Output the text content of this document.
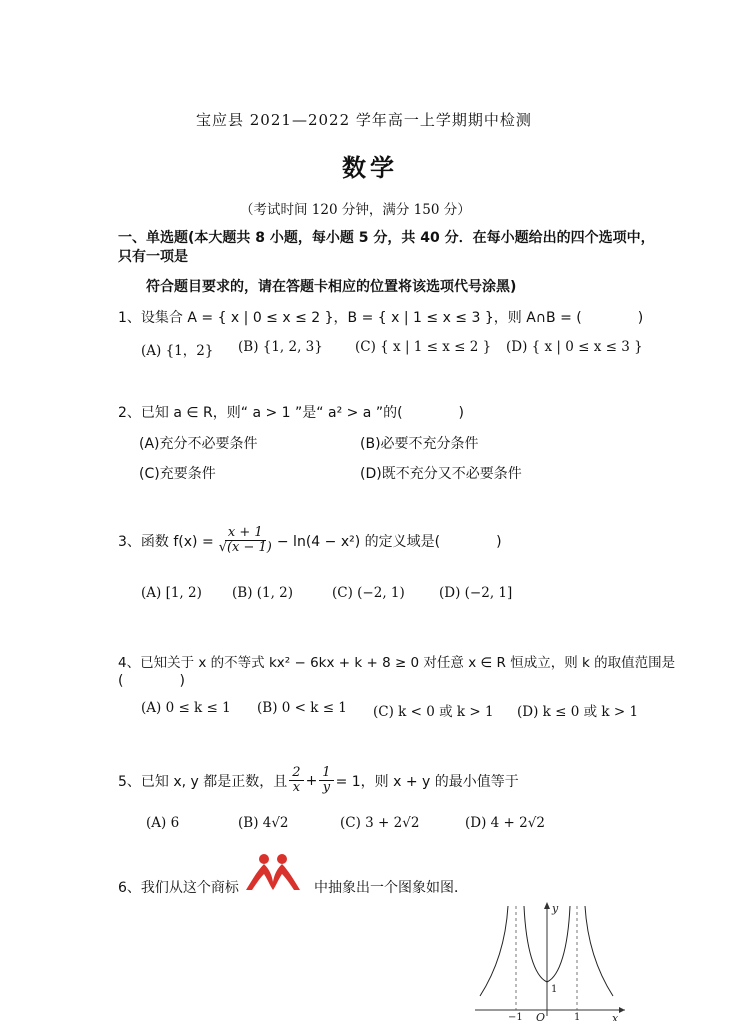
宝应县 2021—2022 学年高一上学期期中检测
数学
（考试时间 120 分钟，满分 150 分）
一、单选题(本大题共 8 小题，每小题 5 分，共 40 分．在每小题给出的四个选项中，
只有一项是
符合题目要求的，请在答题卡相应的位置将该选项代号涂黑)
1、设集合 A = { x | 0 ≤ x ≤ 2 }，B = { x | 1 ≤ x ≤ 3 }，则 A∩B = (　　　　)
(A) {1，2} (B) {1, 2, 3} (C) { x | 1 ≤ x ≤ 2 } (D) { x | 0 ≤ x ≤ 3 }
2、已知 a ∈ R，则“ a > 1 ”是“ a² > a ”的(　　　　)
(A)充分不必要条件	(B)必要不充分条件
(C)充要条件	(D)既不充分又不必要条件
3、函数 $f(x) = \frac{x + 1}{√(x - 1)} - \ln(4 - x^2)$ 的定义域是(　　　　)
(A) [1, 2) (B) (1, 2)	(C) (−2, 1)	(D) (−2, 1]
4、已知关于 x 的不等式 kx² − 6kx + k + 8 ≥ 0 对任意 x ∈ R 恒成立，则 k 的取值范围是
(　　　　)
(A) 0 ≤ k ≤ 1 (B) 0 < k ≤ 1 (C) k < 0 或 k > 1 (D) k ≤ 0 或 k > 1
5、已知 x, y 都是正数，且 $\frac{2}{x} + \frac{1}{y} = 1$，则 x + y 的最小值等于
(A) 6	(B) 4√2	(C) 3 + 2√2	(D) 4 + 2√2
6、我们从这个商标	中抽象出一个图象如图．
y
x
O
1
−1	1
